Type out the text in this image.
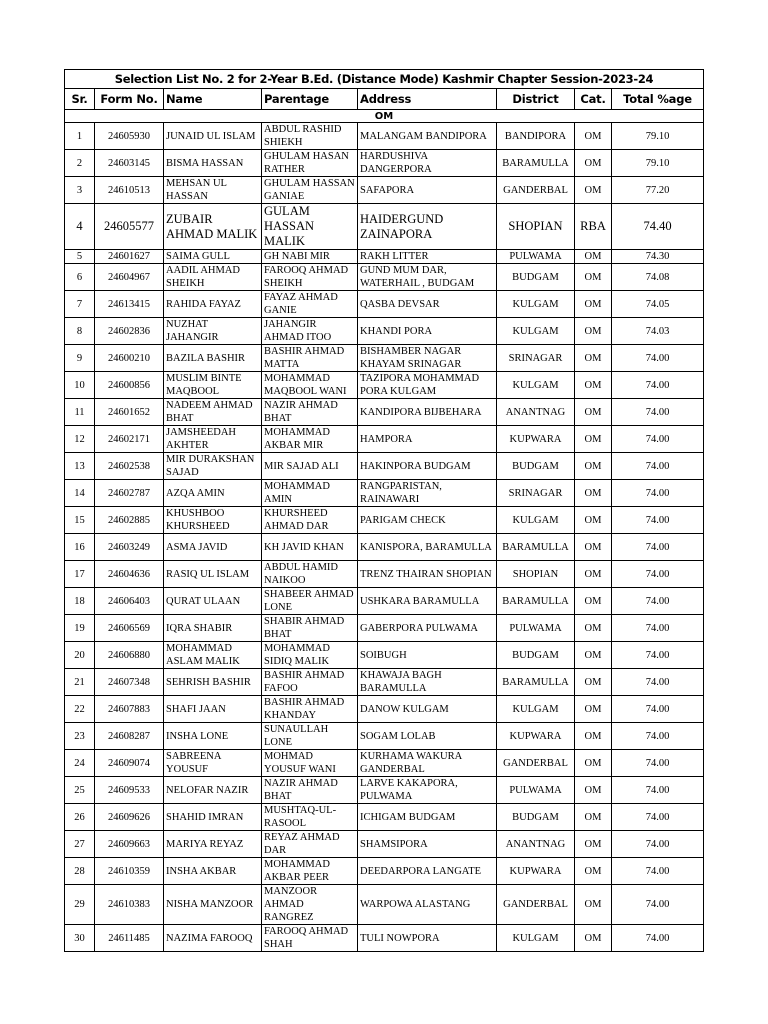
Selection List No. 2 for 2-Year B.Ed. (Distance Mode) Kashmir Chapter Session-2023-24							
Sr.	Form No.	Name	Parentage	Address	District	Cat.	Total %age
OM							
1	24605930	JUNAID UL ISLAM	ABDUL RASHID SHIEKH	MALANGAM BANDIPORA	BANDIPORA	OM	79.10
2	24603145	BISMA HASSAN	GHULAM HASAN RATHER	HARDUSHIVA DANGERPORA	BARAMULLA	OM	79.10
3	24610513	MEHSAN UL HASSAN	GHULAM HASSAN GANIAE	SAFAPORA	GANDERBAL	OM	77.20
4	24605577	ZUBAIR AHMAD MALIK	GULAM HASSAN MALIK	HAIDERGUND ZAINAPORA	SHOPIAN	RBA	74.40
5	24601627	SAIMA GULL	GH NABI MIR	RAKH LITTER	PULWAMA	OM	74.30
6	24604967	AADIL AHMAD SHEIKH	FAROOQ AHMAD SHEIKH	GUND MUM DAR, WATERHAIL , BUDGAM	BUDGAM	OM	74.08
7	24613415	RAHIDA FAYAZ	FAYAZ AHMAD GANIE	QASBA DEVSAR	KULGAM	OM	74.05
8	24602836	NUZHAT JAHANGIR	JAHANGIR AHMAD ITOO	KHANDI PORA	KULGAM	OM	74.03
9	24600210	BAZILA BASHIR	BASHIR AHMAD MATTA	BISHAMBER NAGAR KHAYAM SRINAGAR	SRINAGAR	OM	74.00
10	24600856	MUSLIM BINTE MAQBOOL	MOHAMMAD MAQBOOL WANI	TAZIPORA MOHAMMAD PORA KULGAM	KULGAM	OM	74.00
11	24601652	NADEEM AHMAD BHAT	NAZIR AHMAD BHAT	KANDIPORA BIJBEHARA	ANANTNAG	OM	74.00
12	24602171	JAMSHEEDAH AKHTER	MOHAMMAD AKBAR MIR	HAMPORA	KUPWARA	OM	74.00
13	24602538	MIR DURAKSHAN SAJAD	MIR SAJAD ALI	HAKINPORA BUDGAM	BUDGAM	OM	74.00
14	24602787	AZQA AMIN	MOHAMMAD AMIN	RANGPARISTAN, RAINAWARI	SRINAGAR	OM	74.00
15	24602885	KHUSHBOO KHURSHEED	KHURSHEED AHMAD DAR	PARIGAM CHECK	KULGAM	OM	74.00
16	24603249	ASMA JAVID	KH JAVID KHAN	KANISPORA, BARAMULLA	BARAMULLA	OM	74.00
17	24604636	RASIQ UL ISLAM	ABDUL HAMID NAIKOO	TRENZ THAIRAN SHOPIAN	SHOPIAN	OM	74.00
18	24606403	QURAT ULAAN	SHABEER AHMAD LONE	USHKARA BARAMULLA	BARAMULLA	OM	74.00
19	24606569	IQRA SHABIR	SHABIR AHMAD BHAT	GABERPORA PULWAMA	PULWAMA	OM	74.00
20	24606880	MOHAMMAD ASLAM MALIK	MOHAMMAD SIDIQ MALIK	SOIBUGH	BUDGAM	OM	74.00
21	24607348	SEHRISH BASHIR	BASHIR AHMAD FAFOO	KHAWAJA BAGH BARAMULLA	BARAMULLA	OM	74.00
22	24607883	SHAFI JAAN	BASHIR AHMAD KHANDAY	DANOW KULGAM	KULGAM	OM	74.00
23	24608287	INSHA LONE	SUNAULLAH LONE	SOGAM LOLAB	KUPWARA	OM	74.00
24	24609074	SABREENA YOUSUF	MOHMAD YOUSUF WANI	KURHAMA WAKURA GANDERBAL	GANDERBAL	OM	74.00
25	24609533	NELOFAR NAZIR	NAZIR AHMAD BHAT	LARVE KAKAPORA, PULWAMA	PULWAMA	OM	74.00
26	24609626	SHAHID IMRAN	MUSHTAQ-UL-RASOOL	ICHIGAM BUDGAM	BUDGAM	OM	74.00
27	24609663	MARIYA REYAZ	REYAZ AHMAD DAR	SHAMSIPORA	ANANTNAG	OM	74.00
28	24610359	INSHA AKBAR	MOHAMMAD AKBAR PEER	DEEDARPORA LANGATE	KUPWARA	OM	74.00
29	24610383	NISHA MANZOOR	MANZOOR AHMAD RANGREZ	WARPOWA ALASTANG	GANDERBAL	OM	74.00
30	24611485	NAZIMA FAROOQ	FAROOQ AHMAD SHAH	TULI NOWPORA	KULGAM	OM	74.00
